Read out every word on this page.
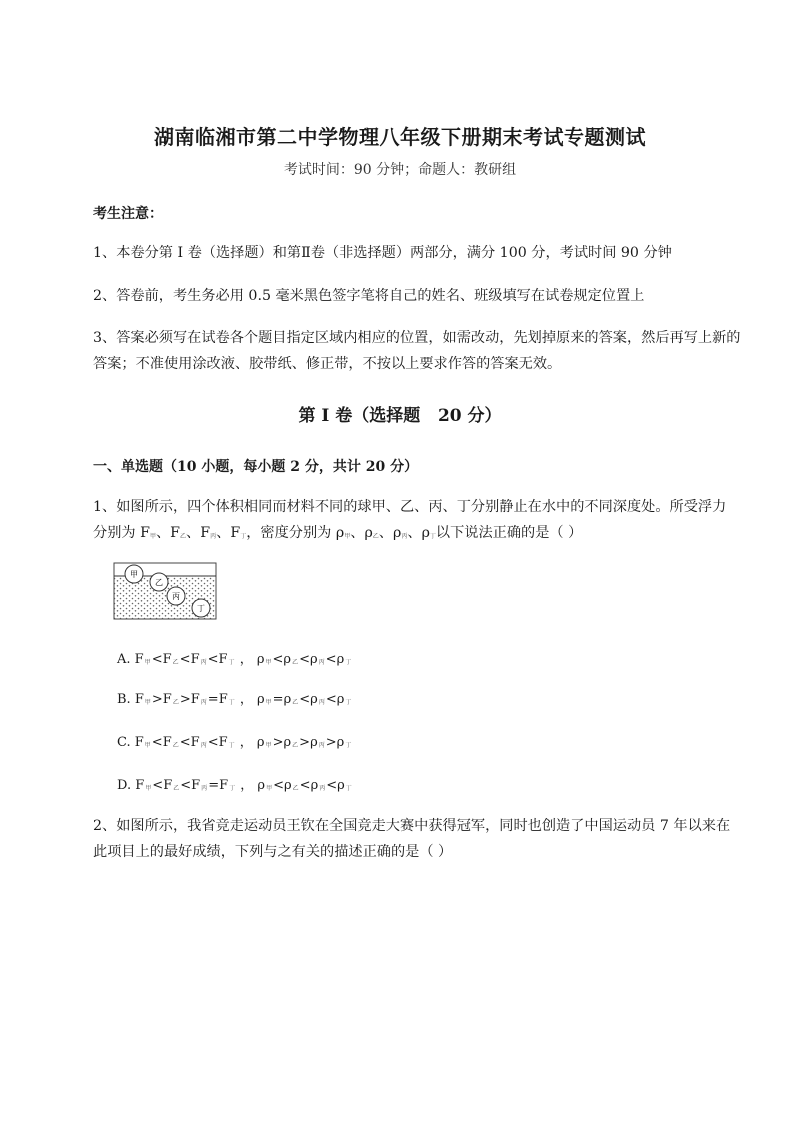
湖南临湘市第二中学物理八年级下册期末考试专题测试
考试时间：90 分钟；命题人：教研组
考生注意：
1、本卷分第 I 卷（选择题）和第Ⅱ卷（非选择题）两部分，满分 100 分，考试时间 90 分钟
2、答卷前，考生务必用 0.5 毫米黑色签字笔将自己的姓名、班级填写在试卷规定位置上
3、答案必须写在试卷各个题目指定区域内相应的位置，如需改动，先划掉原来的答案，然后再写上新的答案；不准使用涂改液、胶带纸、修正带，不按以上要求作答的答案无效。
第 I 卷（选择题   20 分）
一、单选题（10 小题，每小题 2 分，共计 20 分）
1、如图所示，四个体积相同而材料不同的球甲、乙、丙、丁分别静止在水中的不同深度处。所受浮力
分别为 F甲、F乙、F丙、F丁，密度分别为 ρ甲、ρ乙、ρ丙、ρ丁以下说法正确的是（ ）
甲
乙
丙
丁
A. F甲<F乙<F丙<F丁 ， ρ甲<ρ乙<ρ丙<ρ丁
B. F甲>F乙>F丙=F丁 ， ρ甲=ρ乙<ρ丙<ρ丁
C. F甲<F乙<F丙<F丁 ， ρ甲>ρ乙>ρ丙>ρ丁
D. F甲<F乙<F丙=F丁 ， ρ甲<ρ乙<ρ丙<ρ丁
2、如图所示，我省竞走运动员王钦在全国竞走大赛中获得冠军，同时也创造了中国运动员 7 年以来在
此项目上的最好成绩，下列与之有关的描述正确的是（ ）
